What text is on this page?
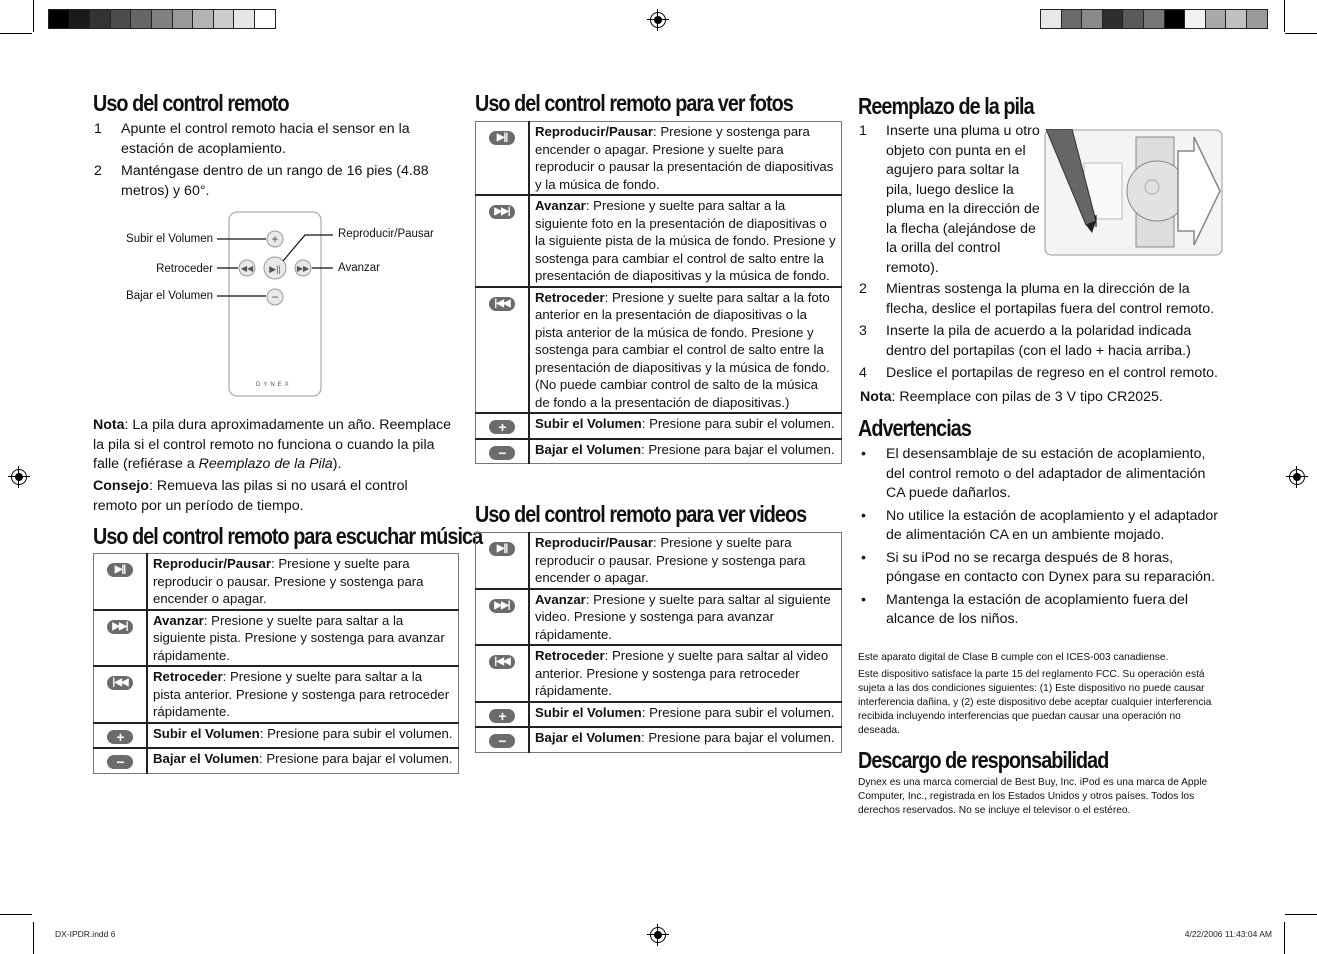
Uso del control remoto
1 Apunte el control remoto hacia el sensor en la estación de acoplamiento.
2 Manténgase dentro de un rango de 16 pies (4.88 metros) y 60°.
+
▶||
◀◀	▶▶
−
Subir el Volumen
Retroceder
Bajar el Volumen
Reproducir/Pausar
Avanzar
DYNEX
Nota: La pila dura aproximadamente un año. Reemplace la pila si el control remoto no funciona o cuando la pila falle (refiérase a Reemplazo de la Pila).
Consejo: Remueva las pilas si no usará el control remoto por un período de tiempo.
Uso del control remoto para escuchar música
▶||	Reproducir/Pausar: Presione y suelte para reproducir o pausar. Presione y sostenga para encender o apagar.
▶▶|	Avanzar: Presione y suelte para saltar a la siguiente pista. Presione y sostenga para avanzar rápidamente.
|◀◀	Retroceder: Presione y suelte para saltar a la pista anterior. Presione y sostenga para retroceder rápidamente.
+	Subir el Volumen: Presione para subir el volumen.
−	Bajar el Volumen: Presione para bajar el volumen.
Uso del control remoto para ver fotos
▶||	Reproducir/Pausar: Presione y sostenga para encender o apagar. Presione y suelte para reproducir o pausar la presentación de diapositivas y la música de fondo.
▶▶|	Avanzar: Presione y suelte para saltar a la siguiente foto en la presentación de diapositivas o la siguiente pista de la música de fondo. Presione y sostenga para cambiar el control de salto entre la presentación de diapositivas y la música de fondo.
|◀◀	Retroceder: Presione y suelte para saltar a la foto anterior en la presentación de diapositivas o la pista anterior de la música de fondo. Presione y sostenga para cambiar el control de salto entre la presentación de diapositivas y la música de fondo. (No puede cambiar control de salto de la música de fondo a la presentación de diapositivas.)
+	Subir el Volumen: Presione para subir el volumen.
−	Bajar el Volumen: Presione para bajar el volumen.
Uso del control remoto para ver videos
▶||	Reproducir/Pausar: Presione y suelte para reproducir o pausar. Presione y sostenga para encender o apagar.
▶▶|	Avanzar: Presione y suelte para saltar al siguiente video. Presione y sostenga para avanzar rápidamente.
|◀◀	Retroceder: Presione y suelte para saltar al video anterior. Presione y sostenga para retroceder rápidamente.
+	Subir el Volumen: Presione para subir el volumen.
−	Bajar el Volumen: Presione para bajar el volumen.
Reemplazo de la pila
↑
1 Inserte una pluma u otro objeto con punta en el agujero para soltar la pila, luego deslice la pluma en la dirección de la flecha (alejándose de la orilla del control remoto).
2 Mientras sostenga la pluma en la dirección de la flecha, deslice el portapilas fuera del control remoto.
3 Inserte la pila de acuerdo a la polaridad indicada dentro del portapilas (con el lado + hacia arriba.)
4 Deslice el portapilas de regreso en el control remoto.
Nota: Reemplace con pilas de 3 V tipo CR2025.
Advertencias
• El desensamblaje de su estación de acoplamiento, del control remoto o del adaptador de alimentación CA puede dañarlos.
• No utilice la estación de acoplamiento y el adaptador de alimentación CA en un ambiente mojado.
• Si su iPod no se recarga después de 8 horas, póngase en contacto con Dynex para su reparación.
• Mantenga la estación de acoplamiento fuera del alcance de los niños.
Este aparato digital de Clase B cumple con el ICES-003 canadiense.
Este dispositivo satisface la parte 15 del reglamento FCC. Su operación está sujeta a las dos condiciones siguientes: (1) Este dispositivo no puede causar interferencia dañina, y (2) este dispositivo debe aceptar cualquier interferencia recibida incluyendo interferencias que puedan causar una operación no deseada.
Descargo de responsabilidad
Dynex es una marca comercial de Best Buy, Inc. iPod es una marca de Apple Computer, Inc., registrada en los Estados Unidos y otros países. Todos los derechos reservados. No se incluye el televisor o el estéreo.
DX-IPDR.indd 6	4/22/2006 11:43:04 AM
